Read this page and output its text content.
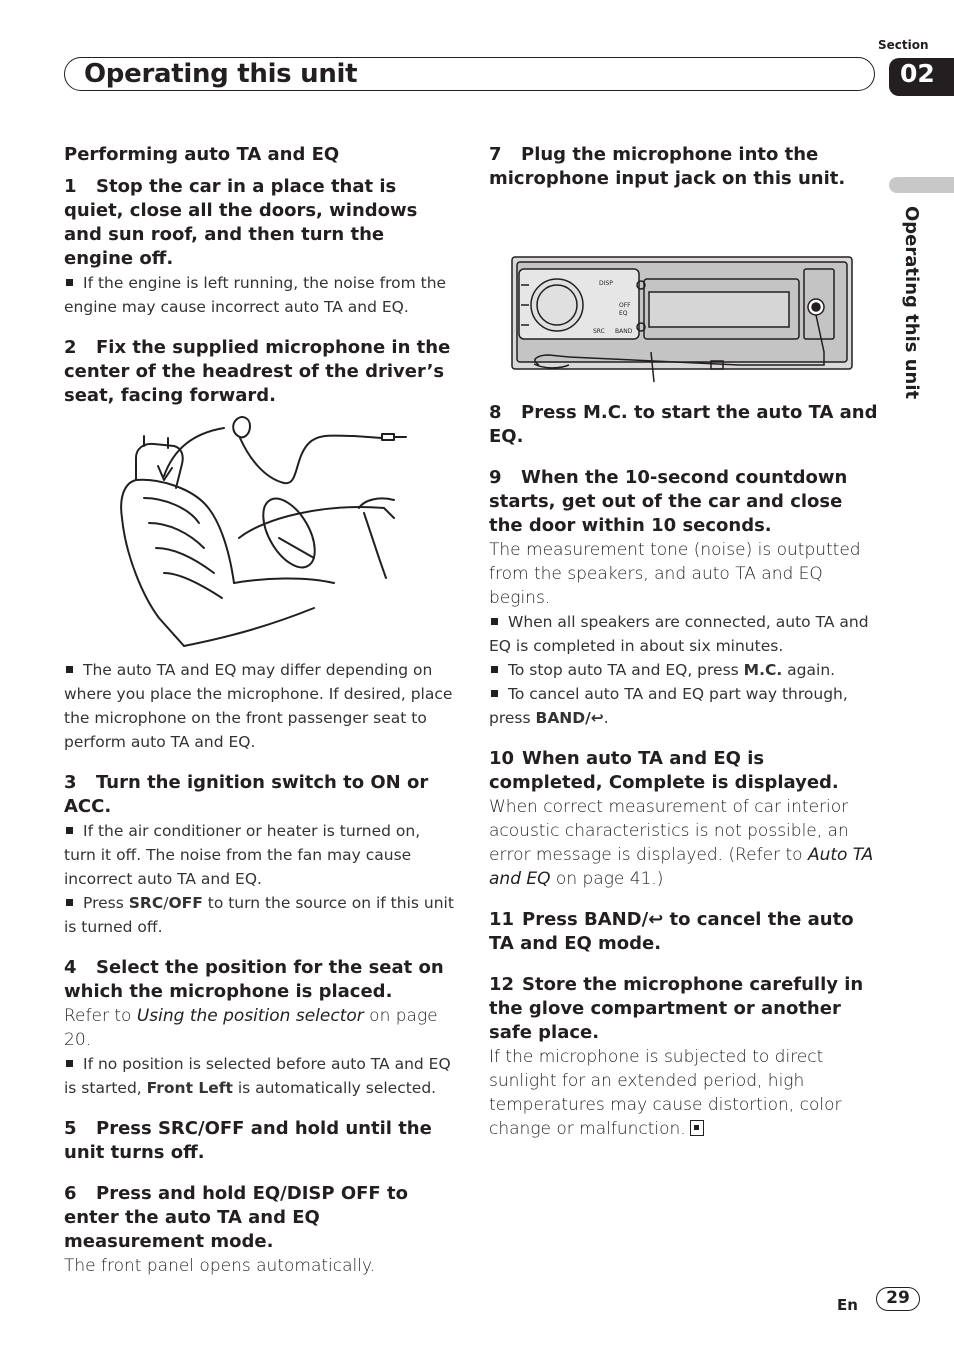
Section
02
Operating this unit
Operating this unit

Performing auto TA and EQ

1 Stop the car in a place that is quiet, close all the doors, windows and sun roof, and then turn the engine off.

If the engine is left running, the noise from the engine may cause incorrect auto TA and EQ.

2 Fix the supplied microphone in the center of the headrest of the driver’s seat, facing forward.

The auto TA and EQ may differ depending on where you place the microphone. If desired, place the microphone on the front passenger seat to perform auto TA and EQ.

3 Turn the ignition switch to ON or ACC.

If the air conditioner or heater is turned on, turn it off. The noise from the fan may cause incorrect auto TA and EQ.

Press SRC/OFF to turn the source on if this unit is turned off.

4 Select the position for the seat on which the microphone is placed.

Refer to Using the position selector on page 20.

If no position is selected before auto TA and EQ is started, Front Left is automatically selected.

5 Press SRC/OFF and hold until the unit turns off.

6 Press and hold EQ/DISP OFF to enter the auto TA and EQ measurement mode.

The front panel opens automatically.

7 Plug the microphone into the microphone input jack on this unit.

DISP
OFF
EQ
SRC BAND

8 Press M.C. to start the auto TA and EQ.

9 When the 10-second countdown starts, get out of the car and close the door within 10 seconds.

The measurement tone (noise) is outputted from the speakers, and auto TA and EQ begins.

When all speakers are connected, auto TA and EQ is completed in about six minutes.

To stop auto TA and EQ, press M.C. again.

To cancel auto TA and EQ part way through, press BAND/↩.

10 When auto TA and EQ is completed, Complete is displayed.

When correct measurement of car interior acoustic characteristics is not possible, an error message is displayed. (Refer to Auto TA and EQ on page 41.)

11 Press BAND/↩ to cancel the auto TA and EQ mode.

12 Store the microphone carefully in the glove compartment or another safe place.

If the microphone is subjected to direct sunlight for an extended period, high temperatures may cause distortion, color change or malfunction.

En	29
